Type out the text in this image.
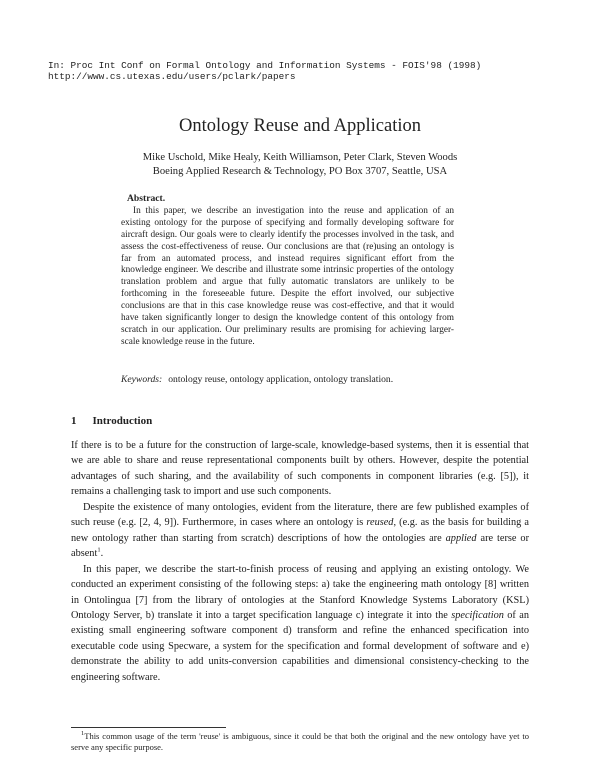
In: Proc Int Conf on Formal Ontology and Information Systems - FOIS'98 (1998)
http://www.cs.utexas.edu/users/pclark/papers
Ontology Reuse and Application
Mike Uschold, Mike Healy, Keith Williamson, Peter Clark, Steven Woods
Boeing Applied Research & Technology, PO Box 3707, Seattle, USA
Abstract.

In this paper, we describe an investigation into the reuse and application of an existing ontology for the purpose of specifying and formally developing software for aircraft design. Our goals were to clearly identify the processes involved in the task, and assess the cost-effectiveness of reuse. Our conclusions are that (re)using an ontology is far from an automated process, and instead requires significant effort from the knowledge engineer. We describe and illustrate some intrinsic properties of the ontology translation problem and argue that fully automatic translators are unlikely to be forthcoming in the foreseeable future. Despite the effort involved, our subjective conclusions are that in this case knowledge reuse was cost-effective, and that it would have taken significantly longer to design the knowledge content of this ontology from scratch in our application. Our preliminary results are promising for achieving larger-scale knowledge reuse in the future.

Keywords: ontology reuse, ontology application, ontology translation.
1 Introduction

If there is to be a future for the construction of large-scale, knowledge-based systems, then it is essential that we are able to share and reuse representational components built by others. However, despite the potential advantages of such sharing, and the availability of such components in component libraries (e.g. [5]), it remains a challenging task to import and use such components.

Despite the existence of many ontologies, evident from the literature, there are few published examples of such reuse (e.g. [2, 4, 9]). Furthermore, in cases where an ontology is reused, (e.g. as the basis for building a new ontology rather than starting from scratch) descriptions of how the ontologies are applied are terse or absent$^1$.

In this paper, we describe the start-to-finish process of reusing and applying an existing ontology. We conducted an experiment consisting of the following steps: a) take the engineering math ontology [8] written in Ontolingua [7] from the library of ontologies at the Stanford Knowledge Systems Laboratory (KSL) Ontology Server, b) translate it into a target specification language c) integrate it into the specification of an existing small engineering software component d) transform and refine the enhanced specification into executable code using Specware, a system for the specification and formal development of software and e) demonstrate the ability to add units-conversion capabilities and dimensional consistency-checking to the engineering software.

$^1$This common usage of the term 'reuse' is ambiguous, since it could be that both the original and the new ontology have yet to serve any specific purpose.
